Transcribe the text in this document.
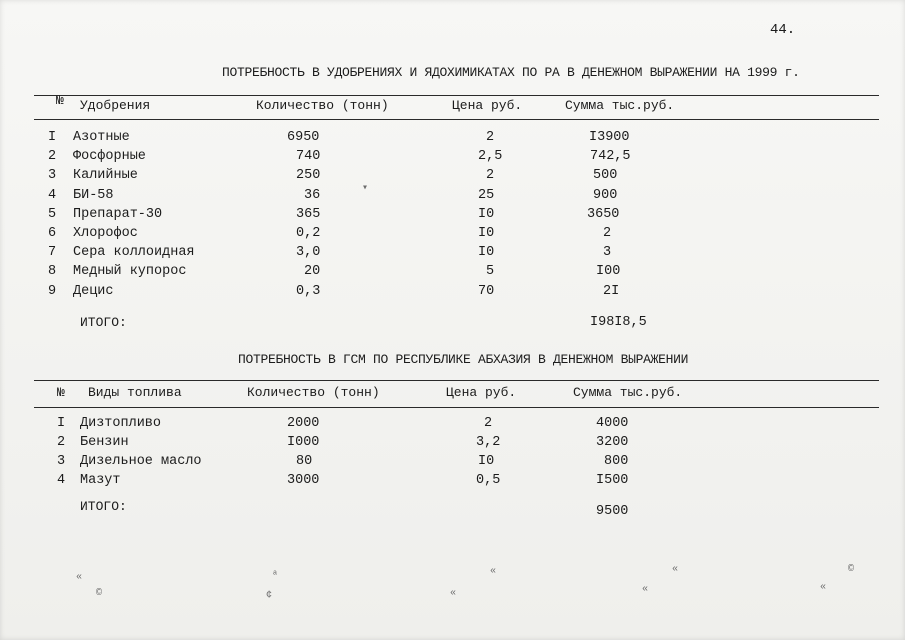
44.
ПОТРЕБНОСТЬ В УДОБРЕНИЯХ И ЯДОХИМИКАТАХ ПО РА В ДЕНЕЖНОМ ВЫРАЖЕНИИ НА 1999 г.
№ Удобрения	Количество (тонн)	Цена руб.	Сумма тыс.руб.
I Азотные	6950	2	I3900
2 Фосфорные	740	2,5	742,5
3 Калийные	250	2	500
4 БИ-58	36	25	900
5 Препарат-30	365	I0	3650
6 Хлорофос	0,2	I0	2
7 Сера коллоидная	3,0	I0	3
8 Медный купорос	20	5	I00
9 Децис	0,3	70	2I
ИТОГО:	I98I8,5
ПОТРЕБНОСТЬ В ГСМ ПО РЕСПУБЛИКЕ АБХАЗИЯ В ДЕНЕЖНОМ ВЫРАЖЕНИИ
№ Виды топлива	Количество (тонн)	Цена руб.	Сумма тыс.руб.
I Дизтопливо	2000	2	4000
2 Бензин	I000	3,2	3200
3 Дизельное масло	80	I0	800
4 Мазут	3000	0,5	I500
ИТОГО:	9500
«
©
ᵃ
¢
«
«
«
«
©
«
▾
